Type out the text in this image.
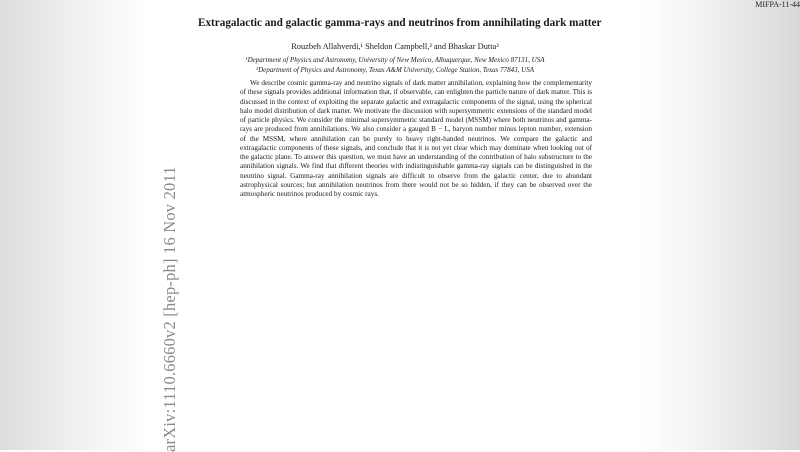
arXiv:1110.6660v2 [hep-ph] 16 Nov 2011
MIFPA-11-44
Extragalactic and galactic gamma-rays and neutrinos from annihilating dark matter
Rouzbeh Allahverdi,¹ Sheldon Campbell,² and Bhaskar Dutta²
¹Department of Physics and Astronomy, University of New Mexico, Albuquerque, New Mexico 87131, USA
²Department of Physics and Astronomy, Texas A&M University, College Station, Texas 77843, USA

We describe cosmic gamma-ray and neutrino signals of dark matter annihilation, explaining how the complementarity of these signals provides additional information that, if observable, can enlighten the particle nature of dark matter. This is discussed in the context of exploiting the separate galactic and extragalactic components of the signal, using the spherical halo model distribution of dark matter. We motivate the discussion with supersymmetric extensions of the standard model of particle physics. We consider the minimal supersymmetric standard model (MSSM) where both neutrinos and gamma-rays are produced from annihilations. We also consider a gauged B − L, baryon number minus lepton number, extension of the MSSM, where annihilation can be purely to heavy right-handed neutrinos. We compare the galactic and extragalactic components of these signals, and conclude that it is not yet clear which may dominate when looking out of the galactic plane. To answer this question, we must have an understanding of the contribution of halo substructure to the annihilation signals. We find that different theories with indistinguishable gamma-ray signals can be distinguished in the neutrino signal. Gamma-ray annihilation signals are difficult to observe from the galactic center, due to abundant astrophysical sources; but annihilation neutrinos from there would not be so hidden, if they can be observed over the atmospheric neutrinos produced by cosmic rays.
